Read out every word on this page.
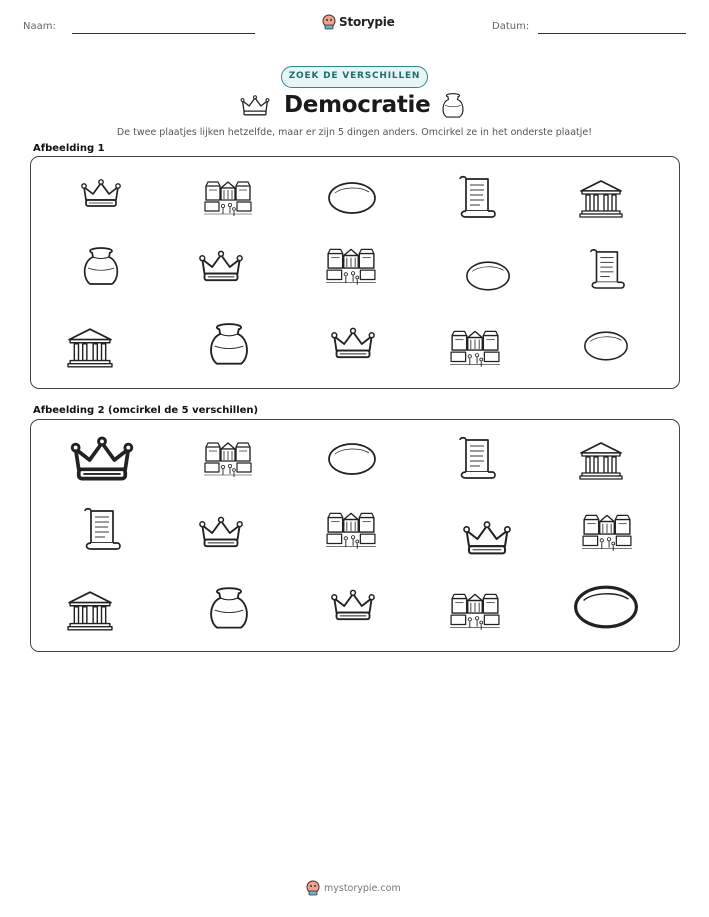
Naam:	Storypie	Datum:
ZOEK DE VERSCHILLEN
Democratie
De twee plaatjes lijken hetzelfde, maar er zijn 5 dingen anders. Omcirkel ze in het onderste plaatje!
Afbeelding 1
Afbeelding 2 (omcirkel de 5 verschillen)
mystorypie.com
